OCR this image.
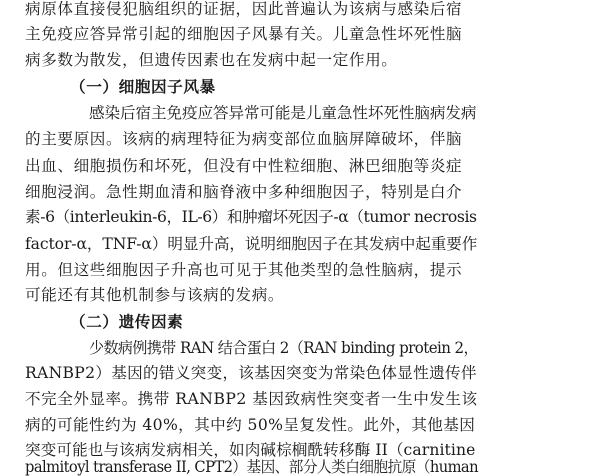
病原体直接侵犯脑组织的证据，因此普遍认为该病与感染后宿
主免疫应答异常引起的细胞因子风暴有关。儿童急性坏死性脑
病多数为散发，但遗传因素也在发病中起一定作用。
（一）细胞因子风暴
感染后宿主免疫应答异常可能是儿童急性坏死性脑病发病
的主要原因。该病的病理特征为病变部位血脑屏障破坏，伴脑
出血、细胞损伤和坏死，但没有中性粒细胞、淋巴细胞等炎症
细胞浸润。急性期血清和脑脊液中多种细胞因子，特别是白介
素-6（interleukin-6，IL-6）和肿瘤坏死因子-α（tumor necrosis
factor-α，TNF-α）明显升高，说明细胞因子在其发病中起重要作
用。但这些细胞因子升高也可见于其他类型的急性脑病，提示
可能还有其他机制参与该病的发病。
（二）遗传因素
少数病例携带 RAN 结合蛋白 2（RAN binding protein 2，
RANBP2）基因的错义突变，该基因突变为常染色体显性遗传伴
不完全外显率。携带 RANBP2 基因致病性突变者一生中发生该
病的可能性约为 40%，其中约 50%呈复发性。此外，其他基因
突变可能也与该病发病相关，如肉碱棕榈酰转移酶 II（carnitine
palmitoyl transferase II, CPT2）基因、部分人类白细胞抗原（human
